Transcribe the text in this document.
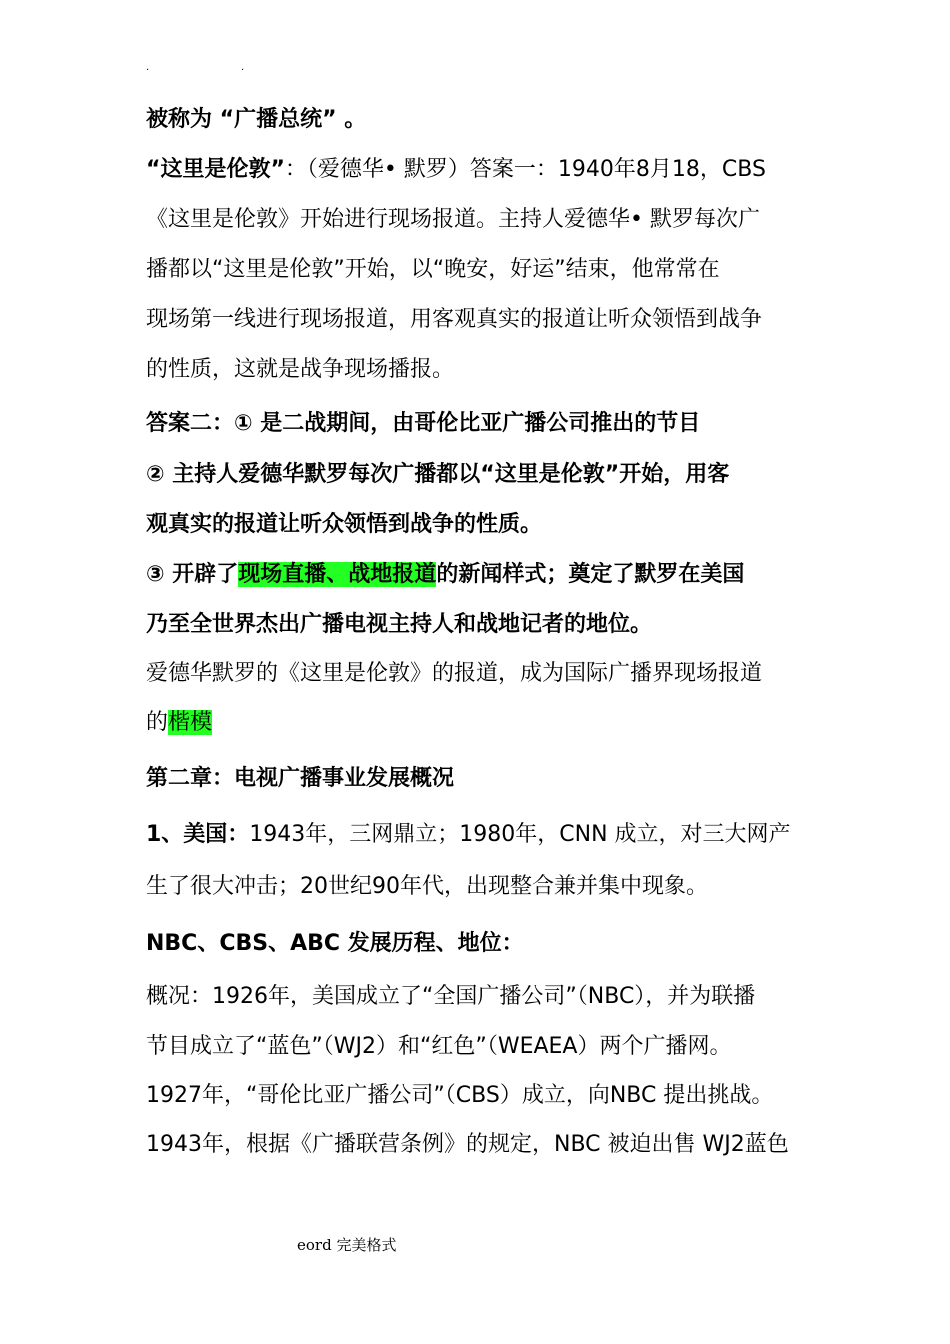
.	.
被称为 “广播总统” 。
“这里是伦敦”：（爱德华• 默罗）答案一：1940年8月18，CBS
《这里是伦敦》开始进行现场报道。主持人爱德华• 默罗每次广
播都以“这里是伦敦”开始，以“晚安，好运”结束，他常常在
现场第一线进行现场报道，用客观真实的报道让听众领悟到战争
的性质，这就是战争现场播报。
答案二：① 是二战期间，由哥伦比亚广播公司推出的节目
② 主持人爱德华默罗每次广播都以“这里是伦敦”开始，用客
观真实的报道让听众领悟到战争的性质。
③ 开辟了现场直播、战地报道的新闻样式；奠定了默罗在美国
乃至全世界杰出广播电视主持人和战地记者的地位。
爱德华默罗的《这里是伦敦》的报道，成为国际广播界现场报道
的楷模
第二章：电视广播事业发展概况
1、美国：1943年，三网鼎立；1980年，CNN 成立，对三大网产
生了很大冲击；20世纪90年代，出现整合兼并集中现象。
NBC、CBS、ABC 发展历程、地位：
概况：1926年，美国成立了“全国广播公司”（NBC），并为联播
节目成立了“蓝色”（WJ2）和“红色”（WEAEA）两个广播网。
1927年，“哥伦比亚广播公司”（CBS）成立，向NBC 提出挑战。
1943年，根据《广播联营条例》的规定，NBC 被迫出售 WJ2蓝色
eord 完美格式
